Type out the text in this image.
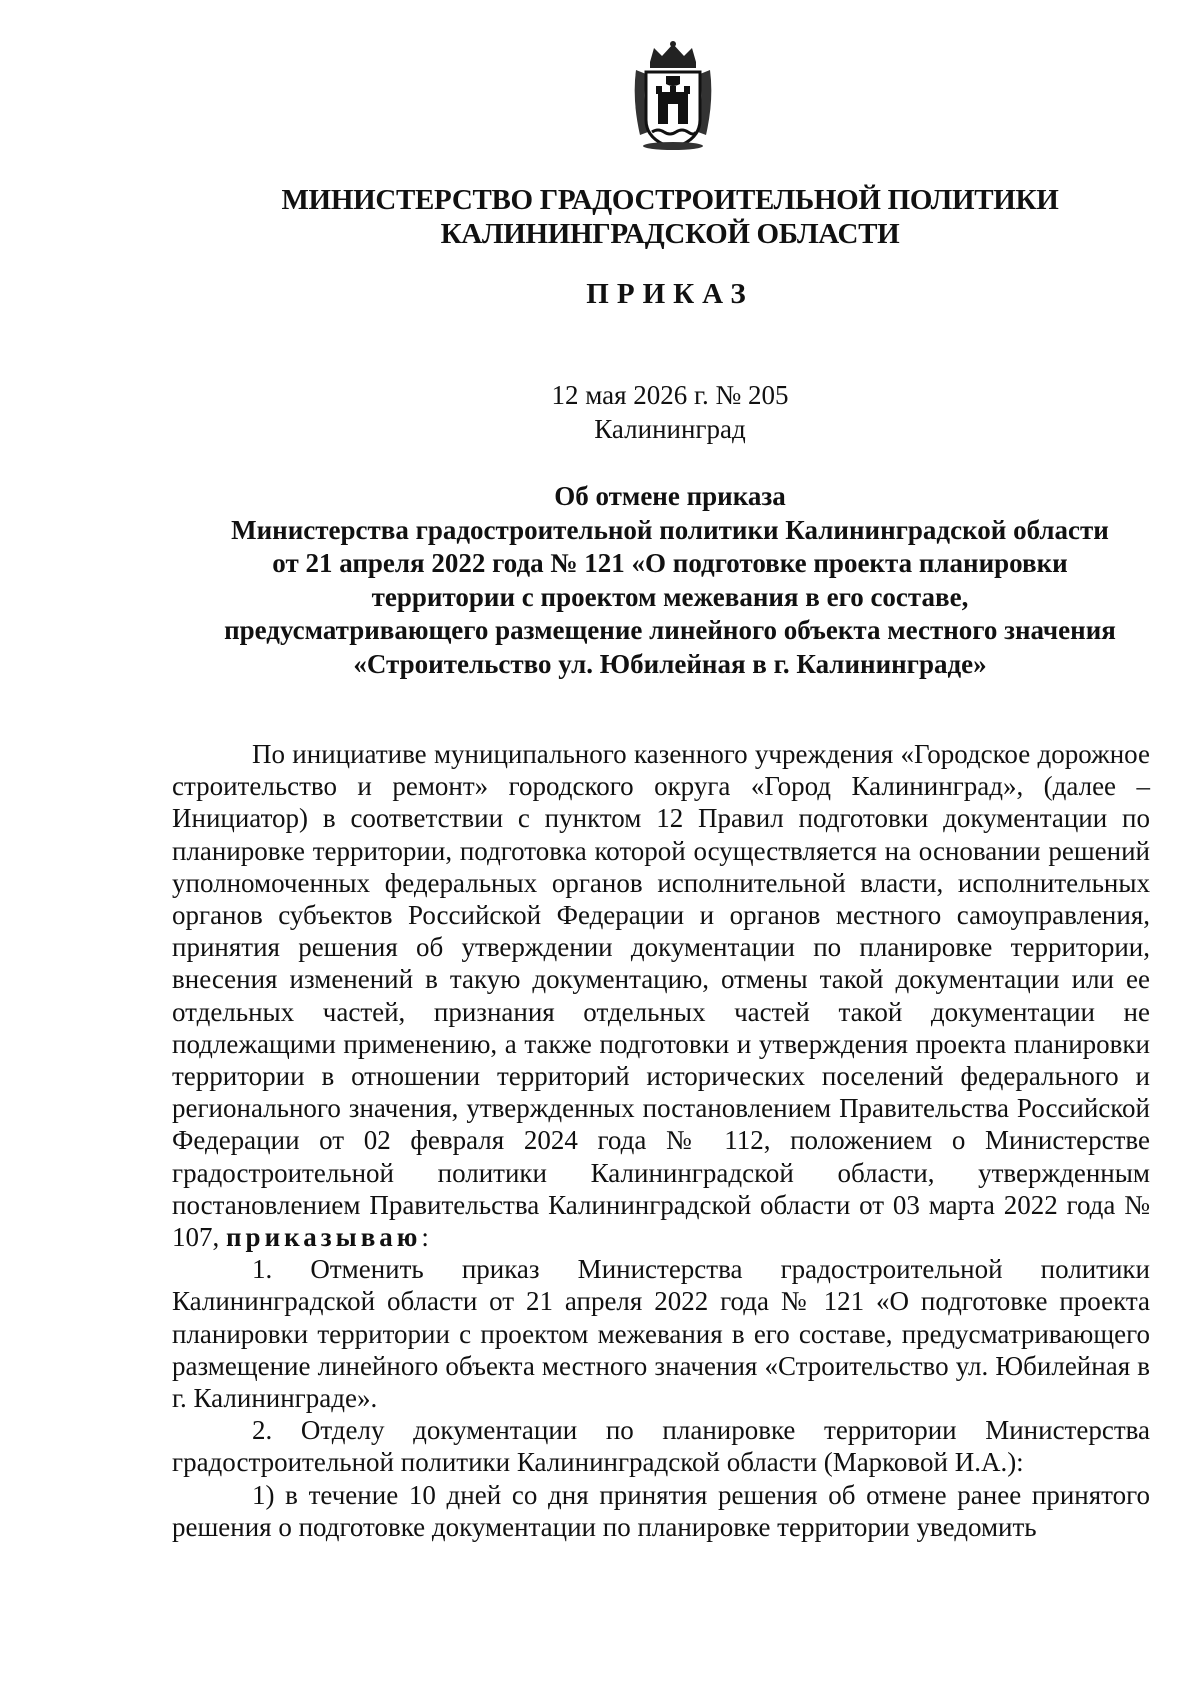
МИНИСТЕРСТВО ГРАДОСТРОИТЕЛЬНОЙ ПОЛИТИКИ
КАЛИНИНГРАДСКОЙ ОБЛАСТИ
ПРИКАЗ
12 мая 2026 г. № 205
Калининград
Об отмене приказа
Министерства градостроительной политики Калининградской области
от 21 апреля 2022 года № 121 «О подготовке проекта планировки
территории с проектом межевания в его составе,
предусматривающего размещение линейного объекта местного значения
«Строительство ул. Юбилейная в г. Калининграде»

По инициативе муниципального казенного учреждения «Городское дорожное строительство и ремонт» городского округа «Город Калининград», (далее – Инициатор) в соответствии с пунктом 12 Правил подготовки документации по планировке территории, подготовка которой осуществляется на основании решений уполномоченных федеральных органов исполнительной власти, исполнительных органов субъектов Российской Федерации и органов местного самоуправления, принятия решения об утверждении документации по планировке территории, внесения изменений в такую документацию, отмены такой документации или ее отдельных частей, признания отдельных частей такой документации не подлежащими применению, а также подготовки и утверждения проекта планировки территории в отношении территорий исторических поселений федерального и регионального значения, утвержденных постановлением Правительства Российской Федерации от 02 февраля 2024 года № 112, положением о Министерстве градостроительной политики Калининградской области, утвержденным постановлением Правительства Калининградской области от 03 марта 2022 года № 107, приказываю:

1. Отменить приказ Министерства градостроительной политики Калининградской области от 21 апреля 2022 года № 121 «О подготовке проекта планировки территории с проектом межевания в его составе, предусматривающего размещение линейного объекта местного значения «Строительство ул. Юбилейная в г. Калининграде».

2. Отделу документации по планировке территории Министерства градостроительной политики Калининградской области (Марковой И.А.):

1) в течение 10 дней со дня принятия решения об отмене ранее принятого решения о подготовке документации по планировке территории уведомить
